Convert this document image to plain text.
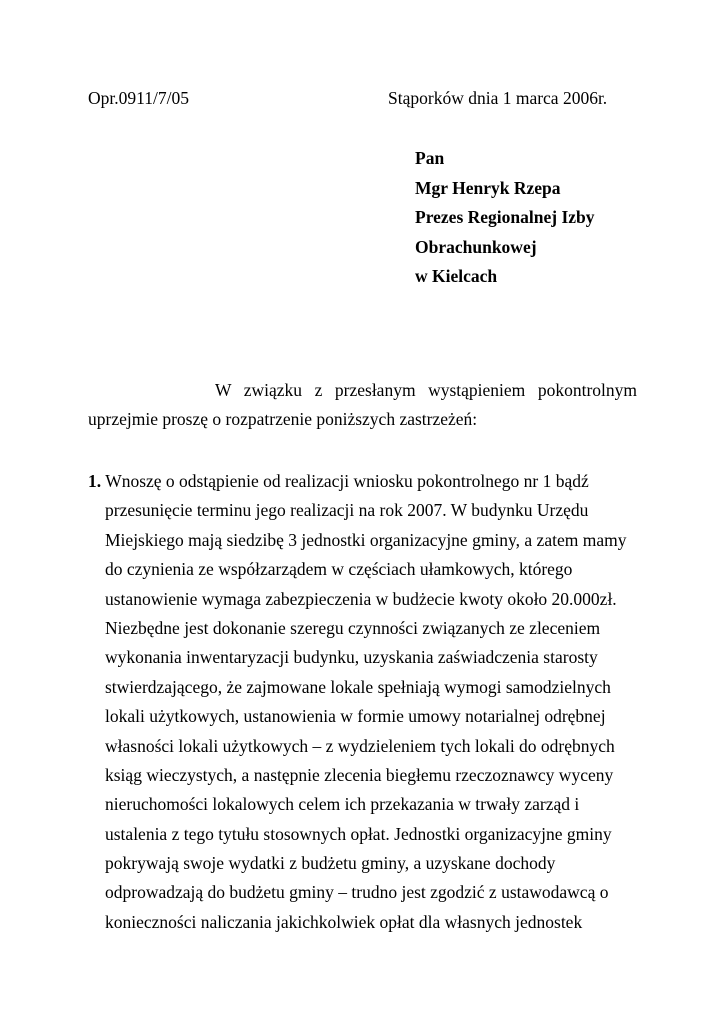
Opr.0911/7/05	Stąporków dnia 1 marca 2006r.
Pan
Mgr Henryk Rzepa
Prezes Regionalnej Izby
Obrachunkowej
w Kielcach
W związku z przesłanym wystąpieniem pokontrolnym
uprzejmie proszę o rozpatrzenie poniższych zastrzeżeń:
1. Wnoszę o odstąpienie od realizacji wniosku pokontrolnego nr 1 bądź
przesunięcie terminu jego realizacji na rok 2007. W budynku Urzędu
Miejskiego mają siedzibę 3 jednostki organizacyjne gminy, a zatem mamy
do czynienia ze współzarządem w częściach ułamkowych, którego
ustanowienie wymaga zabezpieczenia w budżecie kwoty około 20.000zł.
Niezbędne jest dokonanie szeregu czynności związanych ze zleceniem
wykonania inwentaryzacji budynku, uzyskania zaświadczenia starosty
stwierdzającego, że zajmowane lokale spełniają wymogi samodzielnych
lokali użytkowych, ustanowienia w formie umowy notarialnej odrębnej
własności lokali użytkowych – z wydzieleniem tych lokali do odrębnych
ksiąg wieczystych, a następnie zlecenia biegłemu rzeczoznawcy wyceny
nieruchomości lokalowych celem ich przekazania w trwały zarząd i
ustalenia z tego tytułu stosownych opłat. Jednostki organizacyjne gminy
pokrywają swoje wydatki z budżetu gminy, a uzyskane dochody
odprowadzają do budżetu gminy – trudno jest zgodzić z ustawodawcą o
konieczności naliczania jakichkolwiek opłat dla własnych jednostek
